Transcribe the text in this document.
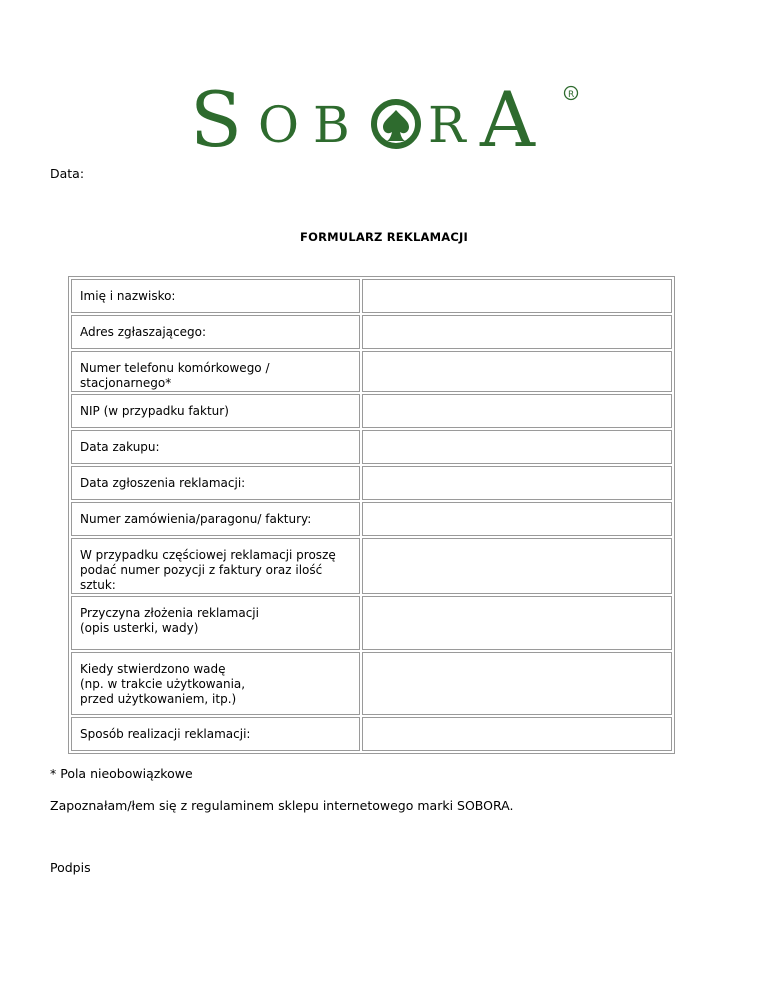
S O B R A	R
Data:
FORMULARZ REKLAMACJI
Imię i nazwisko:	
Adres zgłaszającego:	
Numer telefonu komórkowego / stacjonarnego*	
NIP (w przypadku faktur)	
Data zakupu:	
Data zgłoszenia reklamacji:	
Numer zamówienia/paragonu/ faktury:	
W przypadku częściowej reklamacji proszę
podać numer pozycji z faktury oraz ilość sztuk:	
Przyczyna złożenia reklamacji
(opis usterki, wady)	
Kiedy stwierdzono wadę
(np. w trakcie użytkowania,
przed użytkowaniem, itp.)	
Sposób realizacji reklamacji:	
* Pola nieobowiązkowe
Zapoznałam/łem się z regulaminem sklepu internetowego marki SOBORA.
Podpis
